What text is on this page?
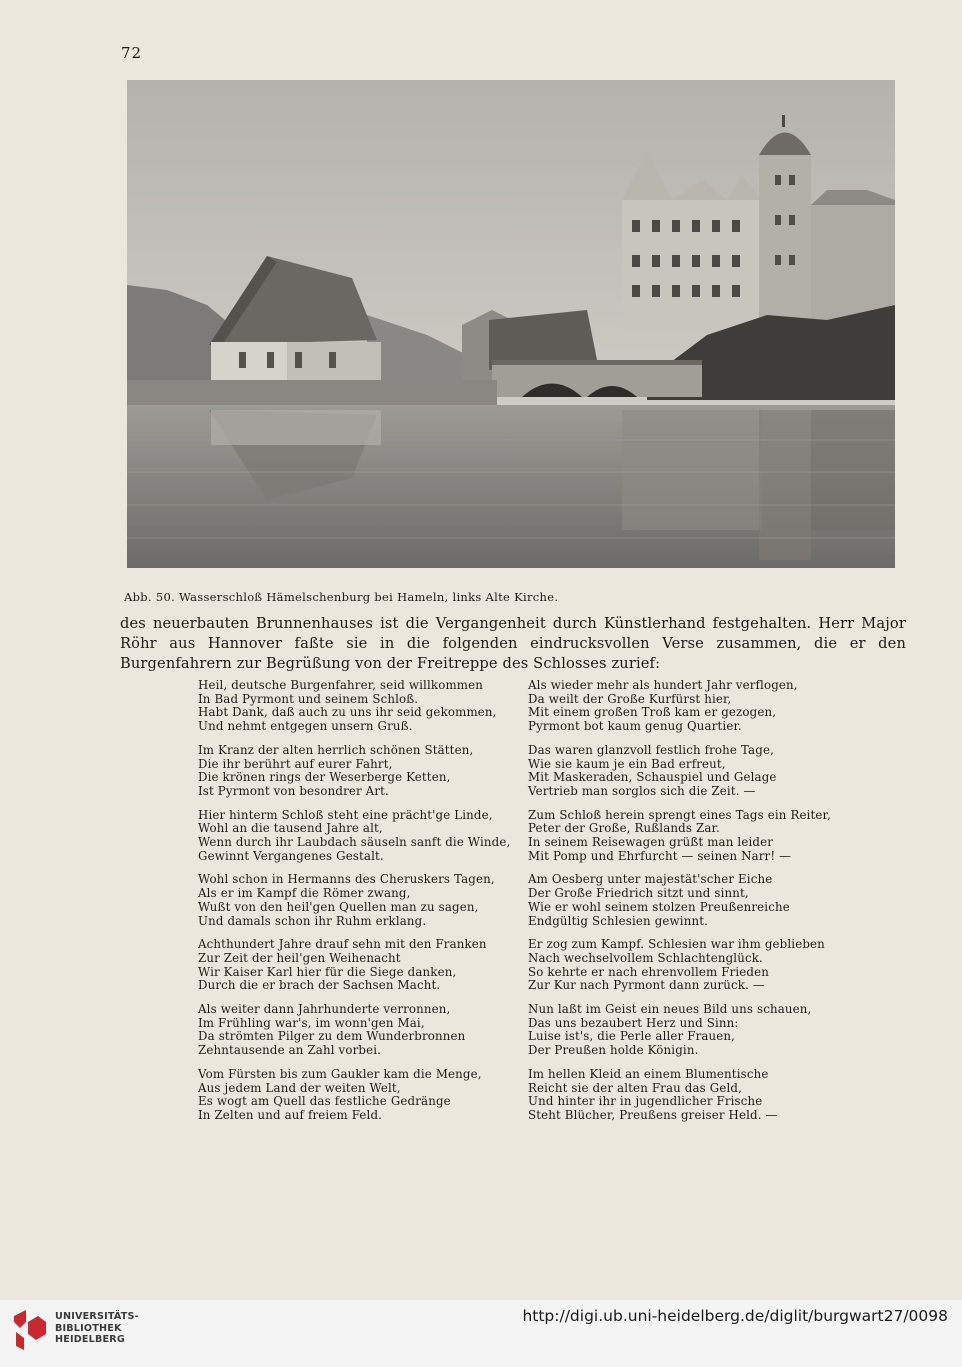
72
Abb. 50. Wasserschloß Hämelschenburg bei Hameln, links Alte Kirche.
des neuerbauten Brunnenhauses ist die Vergangenheit durch Künstlerhand festgehalten. Herr Major Röhr aus Hannover faßte sie in die folgenden eindrucksvollen Verse zusammen, die er den Burgenfahrern zur Begrüßung von der Freitreppe des Schlosses zurief:
Heil, deutsche Burgenfahrer, seid willkommen
In Bad Pyrmont und seinem Schloß.
Habt Dank, daß auch zu uns ihr seid gekommen,
Und nehmt entgegen unsern Gruß.
Im Kranz der alten herrlich schönen Stätten,
Die ihr berührt auf eurer Fahrt,
Die krönen rings der Weserberge Ketten,
Ist Pyrmont von besondrer Art.
Hier hinterm Schloß steht eine prächt'ge Linde,
Wohl an die tausend Jahre alt,
Wenn durch ihr Laubdach säuseln sanft die Winde,
Gewinnt Vergangenes Gestalt.
Wohl schon in Hermanns des Cheruskers Tagen,
Als er im Kampf die Römer zwang,
Wußt von den heil'gen Quellen man zu sagen,
Und damals schon ihr Ruhm erklang.
Achthundert Jahre drauf sehn mit den Franken
Zur Zeit der heil'gen Weihenacht
Wir Kaiser Karl hier für die Siege danken,
Durch die er brach der Sachsen Macht.
Als weiter dann Jahrhunderte verronnen,
Im Frühling war's, im wonn'gen Mai,
Da strömten Pilger zu dem Wunderbronnen
Zehntausende an Zahl vorbei.
Vom Fürsten bis zum Gaukler kam die Menge,
Aus jedem Land der weiten Welt,
Es wogt am Quell das festliche Gedränge
In Zelten und auf freiem Feld.
Als wieder mehr als hundert Jahr verflogen,
Da weilt der Große Kurfürst hier,
Mit einem großen Troß kam er gezogen,
Pyrmont bot kaum genug Quartier.
Das waren glanzvoll festlich frohe Tage,
Wie sie kaum je ein Bad erfreut,
Mit Maskeraden, Schauspiel und Gelage
Vertrieb man sorglos sich die Zeit. —
Zum Schloß herein sprengt eines Tags ein Reiter,
Peter der Große, Rußlands Zar.
In seinem Reisewagen grüßt man leider
Mit Pomp und Ehrfurcht — seinen Narr! —
Am Oesberg unter majestät'scher Eiche
Der Große Friedrich sitzt und sinnt,
Wie er wohl seinem stolzen Preußenreiche
Endgültig Schlesien gewinnt.
Er zog zum Kampf. Schlesien war ihm geblieben
Nach wechselvollem Schlachtenglück.
So kehrte er nach ehrenvollem Frieden
Zur Kur nach Pyrmont dann zurück. —
Nun laßt im Geist ein neues Bild uns schauen,
Das uns bezaubert Herz und Sinn:
Luise ist's, die Perle aller Frauen,
Der Preußen holde Königin.
Im hellen Kleid an einem Blumentische
Reicht sie der alten Frau das Geld,
Und hinter ihr in jugendlicher Frische
Steht Blücher, Preußens greiser Held. —
UNIVERSITÄTS-
BIBLIOTHEK
HEIDELBERG
http://digi.ub.uni-heidelberg.de/diglit/burgwart27/0098
